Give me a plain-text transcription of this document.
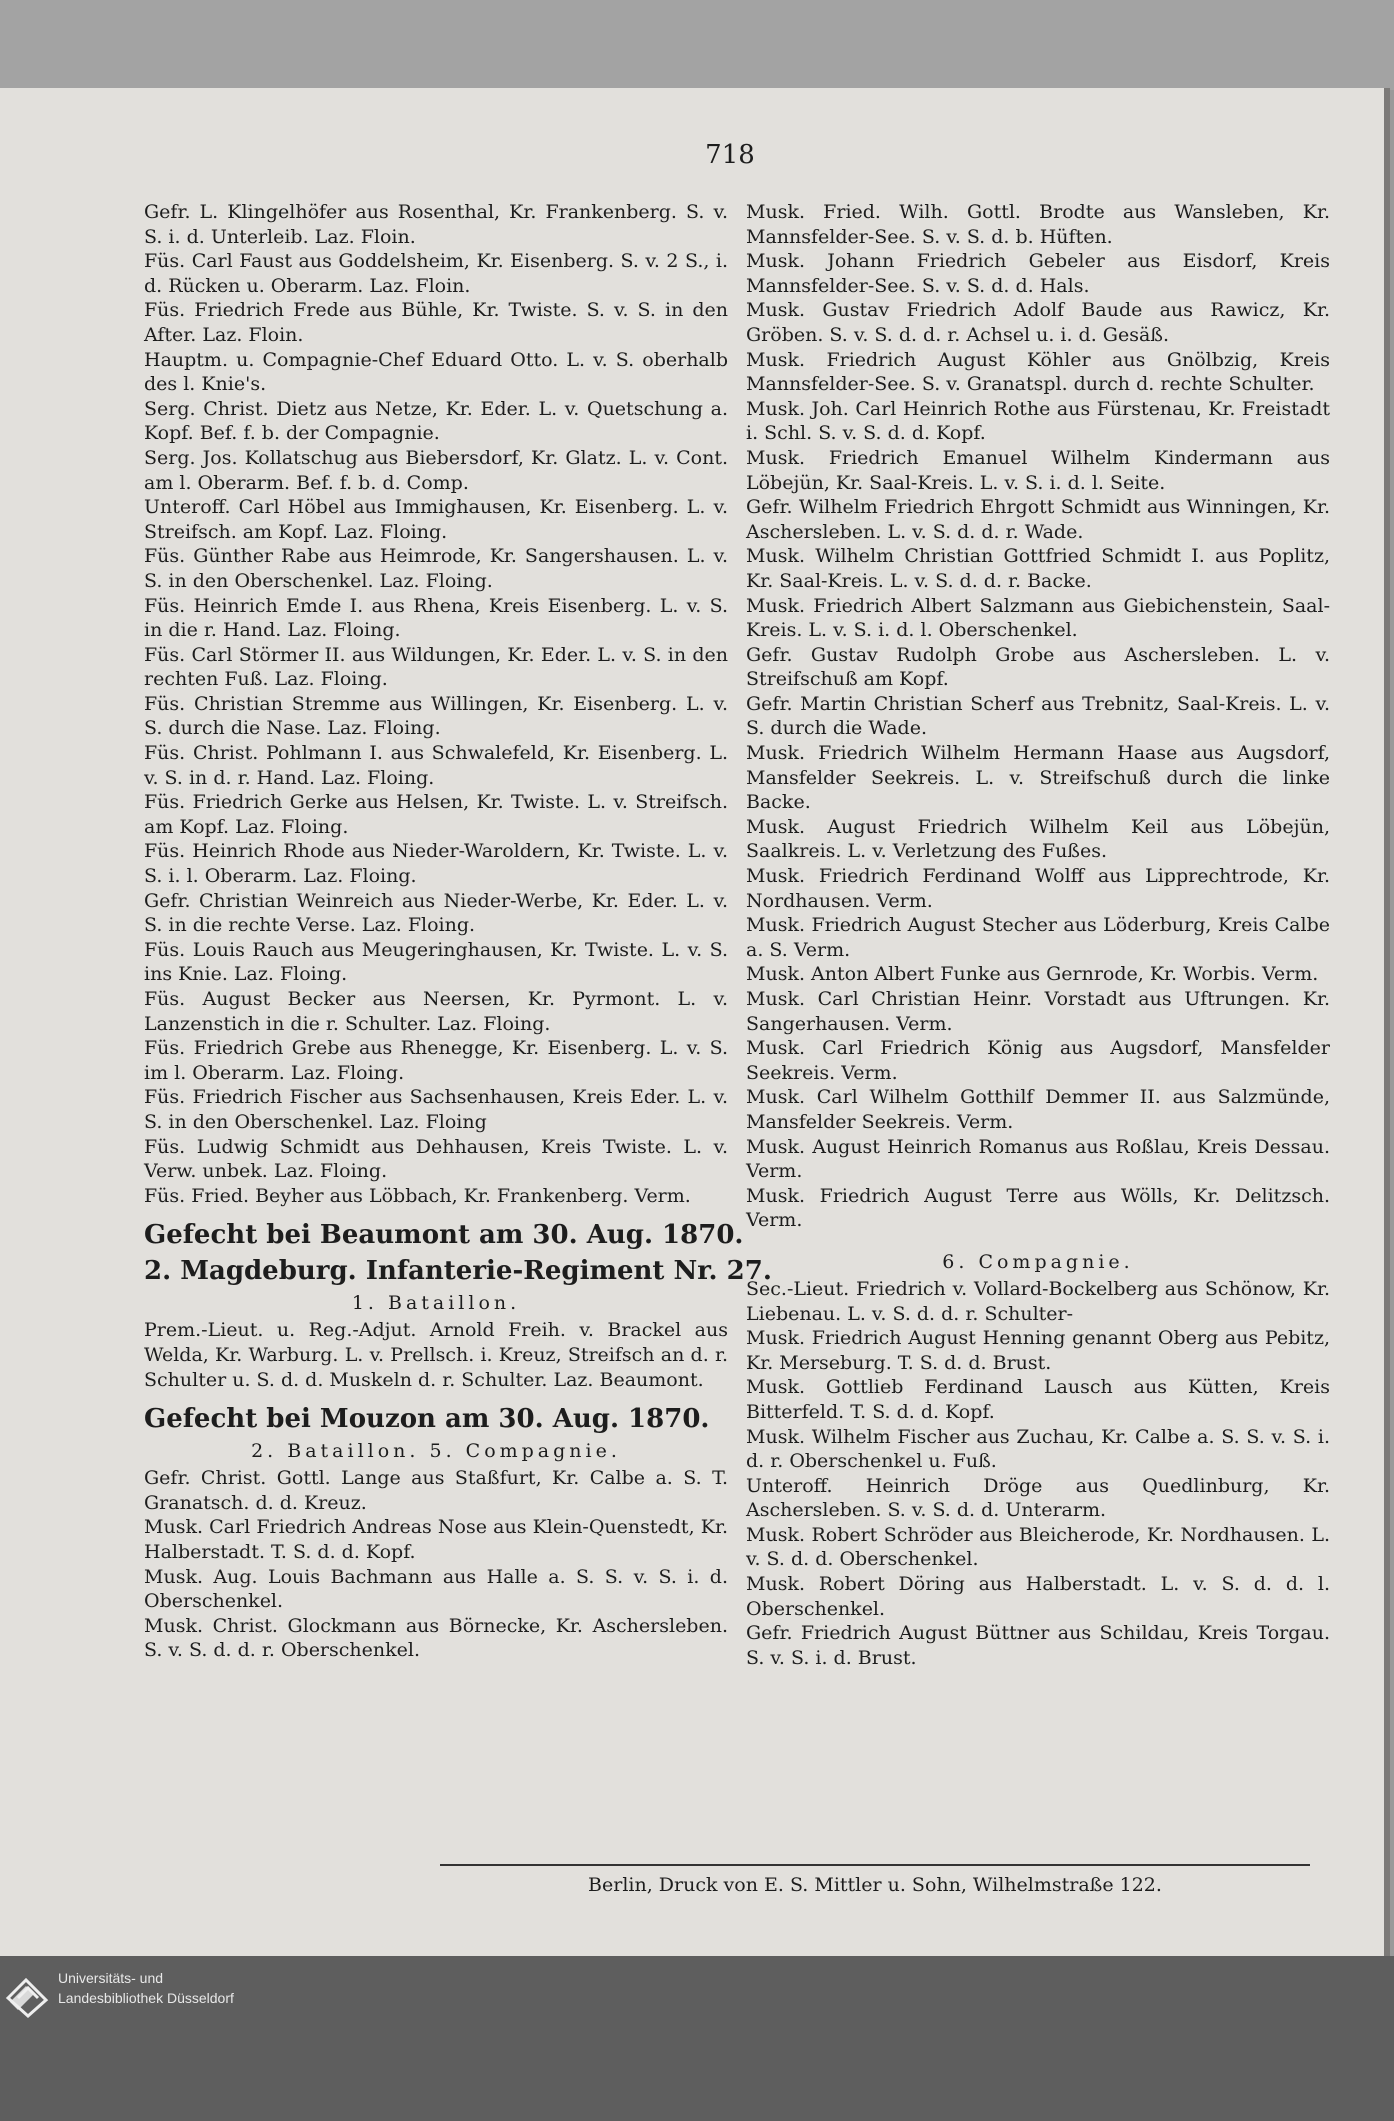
718

Gefr. L. Klingelhöfer aus Rosenthal, Kr. Frankenberg. S. v. S. i. d. Unterleib. Laz. Floin.

Füs. Carl Faust aus Goddelsheim, Kr. Eisenberg. S. v. 2 S., i. d. Rücken u. Oberarm. Laz. Floin.

Füs. Friedrich Frede aus Bühle, Kr. Twiste. S. v. S. in den After. Laz. Floin.

Hauptm. u. Compagnie-Chef Eduard Otto. L. v. S. oberhalb des l. Knie's.

Serg. Christ. Dietz aus Netze, Kr. Eder. L. v. Quetschung a. Kopf. Bef. f. b. der Compagnie.

Serg. Jos. Kollatschug aus Biebersdorf, Kr. Glatz. L. v. Cont. am l. Oberarm. Bef. f. b. d. Comp.

Unteroff. Carl Höbel aus Immighausen, Kr. Eisenberg. L. v. Streifsch. am Kopf. Laz. Floing.

Füs. Günther Rabe aus Heimrode, Kr. Sangershausen. L. v. S. in den Oberschenkel. Laz. Floing.

Füs. Heinrich Emde I. aus Rhena, Kreis Eisenberg. L. v. S. in die r. Hand. Laz. Floing.

Füs. Carl Störmer II. aus Wildungen, Kr. Eder. L. v. S. in den rechten Fuß. Laz. Floing.

Füs. Christian Stremme aus Willingen, Kr. Eisenberg. L. v. S. durch die Nase. Laz. Floing.

Füs. Christ. Pohlmann I. aus Schwalefeld, Kr. Eisenberg. L. v. S. in d. r. Hand. Laz. Floing.

Füs. Friedrich Gerke aus Helsen, Kr. Twiste. L. v. Streifsch. am Kopf. Laz. Floing.

Füs. Heinrich Rhode aus Nieder-Waroldern, Kr. Twiste. L. v. S. i. l. Oberarm. Laz. Floing.

Gefr. Christian Weinreich aus Nieder-Werbe, Kr. Eder. L. v. S. in die rechte Verse. Laz. Floing.

Füs. Louis Rauch aus Meugeringhausen, Kr. Twiste. L. v. S. ins Knie. Laz. Floing.

Füs. August Becker aus Neersen, Kr. Pyrmont. L. v. Lanzenstich in die r. Schulter. Laz. Floing.

Füs. Friedrich Grebe aus Rhenegge, Kr. Eisenberg. L. v. S. im l. Oberarm. Laz. Floing.

Füs. Friedrich Fischer aus Sachsenhausen, Kreis Eder. L. v. S. in den Oberschenkel. Laz. Floing

Füs. Ludwig Schmidt aus Dehhausen, Kreis Twiste. L. v. Verw. unbek. Laz. Floing.

Füs. Fried. Beyher aus Löbbach, Kr. Frankenberg. Verm.

Gefecht bei Beaumont am 30. Aug. 1870.
2. Magdeburg. Infanterie-Regiment Nr. 27.
1. Bataillon.

Prem.-Lieut. u. Reg.-Adjut. Arnold Freih. v. Brackel aus Welda, Kr. Warburg. L. v. Prellsch. i. Kreuz, Streifsch an d. r. Schulter u. S. d. d. Muskeln d. r. Schulter. Laz. Beaumont.

Gefecht bei Mouzon am 30. Aug. 1870.
2. Bataillon. 5. Compagnie.

Gefr. Christ. Gottl. Lange aus Staßfurt, Kr. Calbe a. S. T. Granatsch. d. d. Kreuz.

Musk. Carl Friedrich Andreas Nose aus Klein-Quenstedt, Kr. Halberstadt. T. S. d. d. Kopf.

Musk. Aug. Louis Bachmann aus Halle a. S. S. v. S. i. d. Oberschenkel.

Musk. Christ. Glockmann aus Börnecke, Kr. Aschersleben. S. v. S. d. d. r. Oberschenkel.

Musk. Fried. Wilh. Gottl. Brodte aus Wansleben, Kr. Mannsfelder-See. S. v. S. d. b. Hüften.

Musk. Johann Friedrich Gebeler aus Eisdorf, Kreis Mannsfelder-See. S. v. S. d. d. Hals.

Musk. Gustav Friedrich Adolf Baude aus Rawicz, Kr. Gröben. S. v. S. d. d. r. Achsel u. i. d. Gesäß.

Musk. Friedrich August Köhler aus Gnölbzig, Kreis Mannsfelder-See. S. v. Granatspl. durch d. rechte Schulter.

Musk. Joh. Carl Heinrich Rothe aus Fürstenau, Kr. Freistadt i. Schl. S. v. S. d. d. Kopf.

Musk. Friedrich Emanuel Wilhelm Kindermann aus Löbejün, Kr. Saal-Kreis. L. v. S. i. d. l. Seite.

Gefr. Wilhelm Friedrich Ehrgott Schmidt aus Winningen, Kr. Aschersleben. L. v. S. d. d. r. Wade.

Musk. Wilhelm Christian Gottfried Schmidt I. aus Poplitz, Kr. Saal-Kreis. L. v. S. d. d. r. Backe.

Musk. Friedrich Albert Salzmann aus Giebichenstein, Saal-Kreis. L. v. S. i. d. l. Oberschenkel.

Gefr. Gustav Rudolph Grobe aus Aschersleben. L. v. Streifschuß am Kopf.

Gefr. Martin Christian Scherf aus Trebnitz, Saal-Kreis. L. v. S. durch die Wade.

Musk. Friedrich Wilhelm Hermann Haase aus Augsdorf, Mansfelder Seekreis. L. v. Streifschuß durch die linke Backe.

Musk. August Friedrich Wilhelm Keil aus Löbejün, Saalkreis. L. v. Verletzung des Fußes.

Musk. Friedrich Ferdinand Wolff aus Lipprechtrode, Kr. Nordhausen. Verm.

Musk. Friedrich August Stecher aus Löderburg, Kreis Calbe a. S. Verm.

Musk. Anton Albert Funke aus Gernrode, Kr. Worbis. Verm.

Musk. Carl Christian Heinr. Vorstadt aus Uftrungen. Kr. Sangerhausen. Verm.

Musk. Carl Friedrich König aus Augsdorf, Mansfelder Seekreis. Verm.

Musk. Carl Wilhelm Gotthilf Demmer II. aus Salzmünde, Mansfelder Seekreis. Verm.

Musk. August Heinrich Romanus aus Roßlau, Kreis Dessau. Verm.

Musk. Friedrich August Terre aus Wölls, Kr. Delitzsch. Verm.

6. Compagnie.

Sec.-Lieut. Friedrich v. Vollard-Bockelberg aus Schönow, Kr. Liebenau. L. v. S. d. d. r. Schulter-

Musk. Friedrich August Henning genannt Oberg aus Pebitz, Kr. Merseburg. T. S. d. d. Brust.

Musk. Gottlieb Ferdinand Lausch aus Kütten, Kreis Bitterfeld. T. S. d. d. Kopf.

Musk. Wilhelm Fischer aus Zuchau, Kr. Calbe a. S. S. v. S. i. d. r. Oberschenkel u. Fuß.

Unteroff. Heinrich Dröge aus Quedlinburg, Kr. Aschersleben. S. v. S. d. d. Unterarm.

Musk. Robert Schröder aus Bleicherode, Kr. Nordhausen. L. v. S. d. d. Oberschenkel.

Musk. Robert Döring aus Halberstadt. L. v. S. d. d. l. Oberschenkel.

Gefr. Friedrich August Büttner aus Schildau, Kreis Torgau. S. v. S. i. d. Brust.

Berlin, Druck von E. S. Mittler u. Sohn, Wilhelmstraße 122.
Universitäts- und
Landesbibliothek Düsseldorf
